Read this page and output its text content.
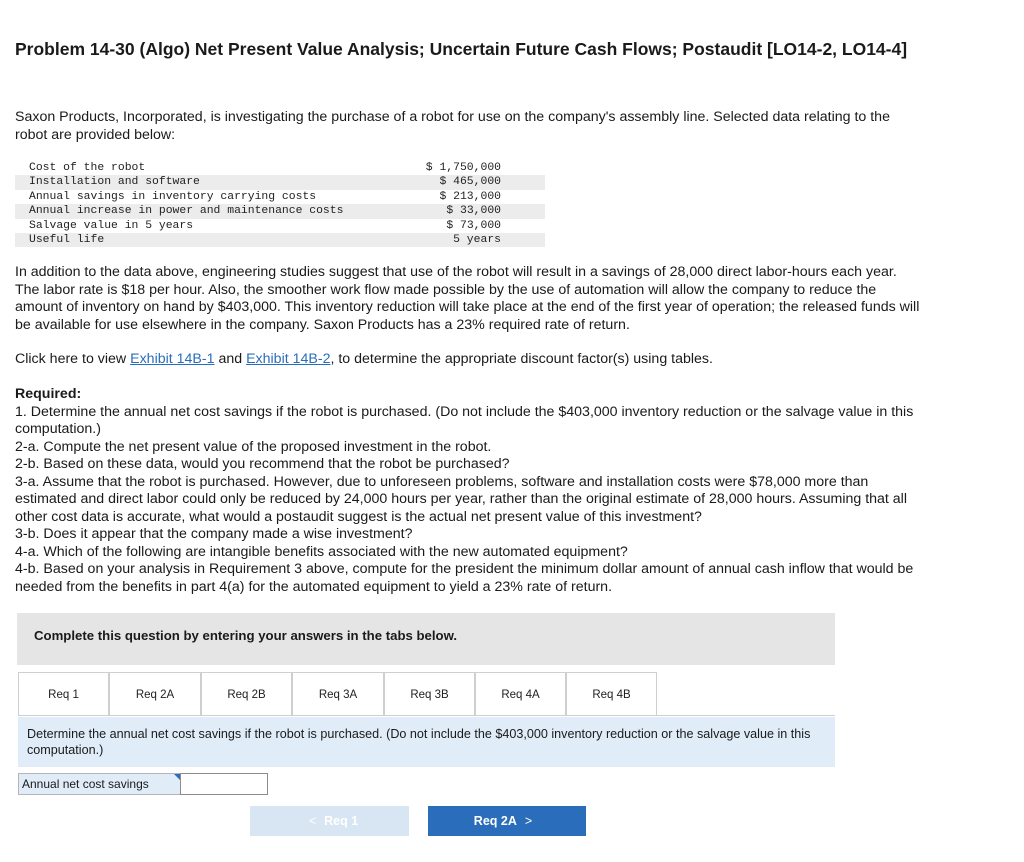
Problem 14-30 (Algo) Net Present Value Analysis; Uncertain Future Cash Flows; Postaudit [LO14-2, LO14-4]
Saxon Products, Incorporated, is investigating the purchase of a robot for use on the company's assembly line. Selected data relating to the robot are provided below:
Cost of the robot	$ 1,750,000
Installation and software	$ 465,000
Annual savings in inventory carrying costs	$ 213,000
Annual increase in power and maintenance costs	$ 33,000
Salvage value in 5 years	$ 73,000
Useful life	5 years
In addition to the data above, engineering studies suggest that use of the robot will result in a savings of 28,000 direct labor-hours each year. The labor rate is $18 per hour. Also, the smoother work flow made possible by the use of automation will allow the company to reduce the amount of inventory on hand by $403,000. This inventory reduction will take place at the end of the first year of operation; the released funds will be available for use elsewhere in the company. Saxon Products has a 23% required rate of return.
Click here to view Exhibit 14B-1 and Exhibit 14B-2, to determine the appropriate discount factor(s) using tables.
Required:
1. Determine the annual net cost savings if the robot is purchased. (Do not include the $403,000 inventory reduction or the salvage value in this computation.)
2-a. Compute the net present value of the proposed investment in the robot.
2-b. Based on these data, would you recommend that the robot be purchased?
3-a. Assume that the robot is purchased. However, due to unforeseen problems, software and installation costs were $78,000 more than estimated and direct labor could only be reduced by 24,000 hours per year, rather than the original estimate of 28,000 hours. Assuming that all other cost data is accurate, what would a postaudit suggest is the actual net present value of this investment?
3-b. Does it appear that the company made a wise investment?
4-a. Which of the following are intangible benefits associated with the new automated equipment?
4-b. Based on your analysis in Requirement 3 above, compute for the president the minimum dollar amount of annual cash inflow that would be needed from the benefits in part 4(a) for the automated equipment to yield a 23% rate of return.
Complete this question by entering your answers in the tabs below.
Req 1	Req 2A	Req 2B	Req 3A	Req 3B	Req 4A	Req 4B
Determine the annual net cost savings if the robot is purchased. (Do not include the $403,000 inventory reduction or the salvage value in this computation.)
Annual net cost savings
< Req 1	Req 2A >
